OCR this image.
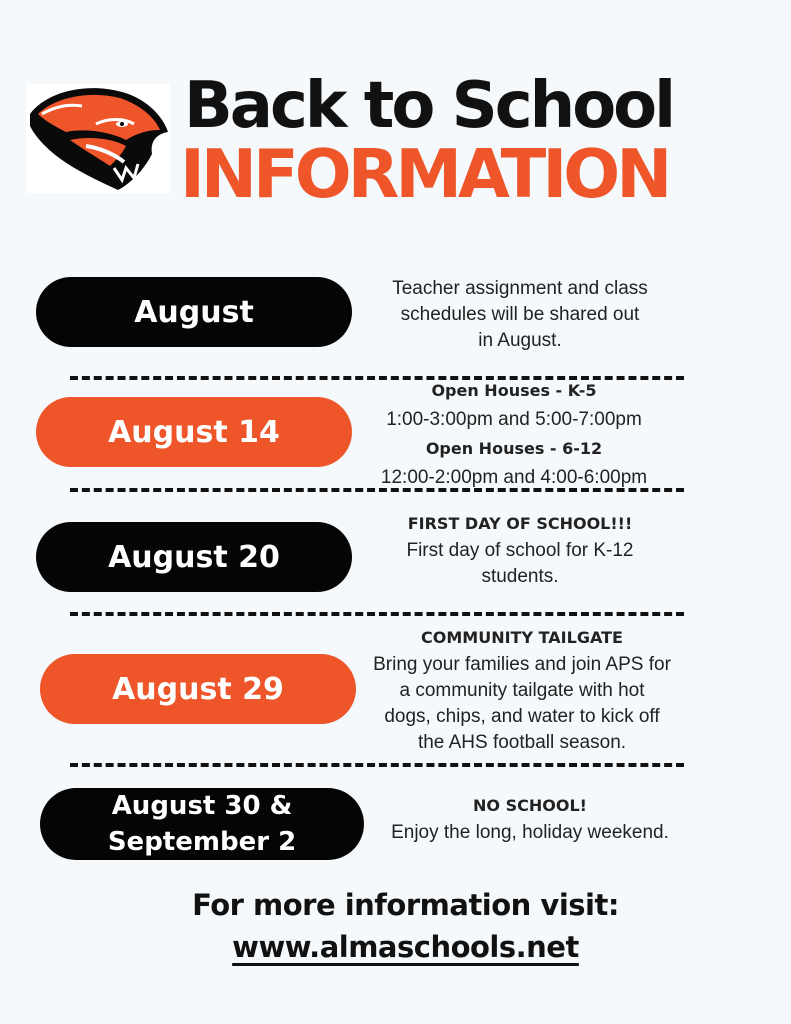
Back to School
INFORMATION
August
Teacher assignment and class
schedules will be shared out
in August.
August 14
Open Houses - K-5
1:00-3:00pm and 5:00-7:00pm
Open Houses - 6-12
12:00-2:00pm and 4:00-6:00pm
August 20
FIRST DAY OF SCHOOL!!!
First day of school for K-12
students.
August 29
COMMUNITY TAILGATE
Bring your families and join APS for
a community tailgate with hot
dogs, chips, and water to kick off
the AHS football season.
August 30 &
September 2
NO SCHOOL!
Enjoy the long, holiday weekend.
For more information visit:
www.almaschools.net
